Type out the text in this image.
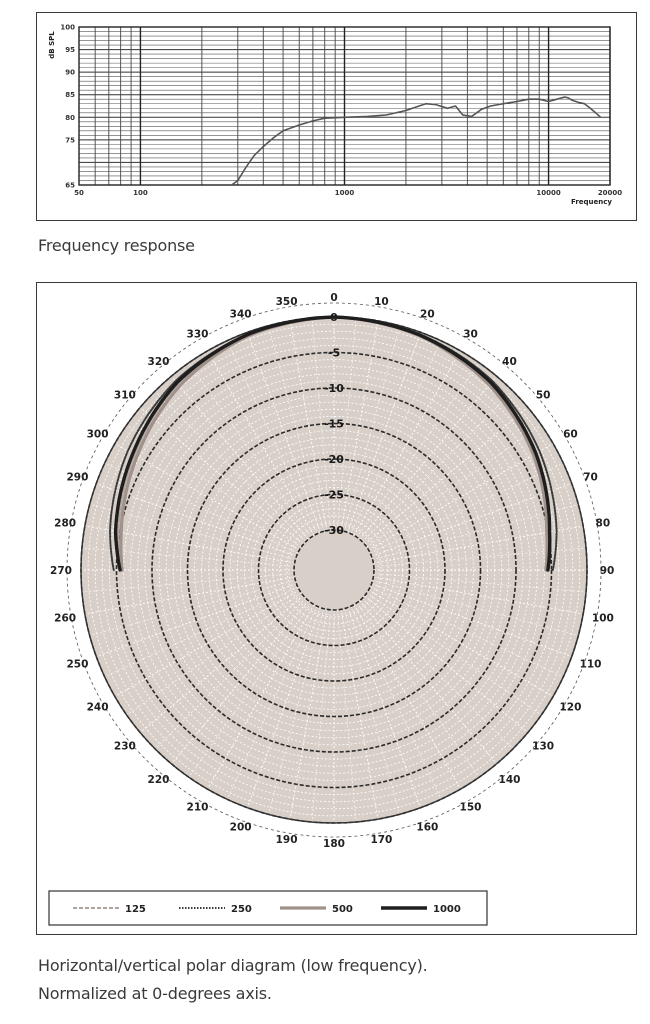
50	100	1000	10000	20000
100
95
90
85
80
75
65
Frequency
dB SPL
Frequency response
0	10
20
30
40
50
60
70
80
90
100
110
120
130
140
150
160
170
180
190
200
210
220
230
240
250
260
270
280
290
300
310
320
330
340
350
0
-5
-10
-15
-20
-25
-30
125	250	500	1000
Horizontal/vertical polar diagram (low frequency).
Normalized at 0-degrees axis.
